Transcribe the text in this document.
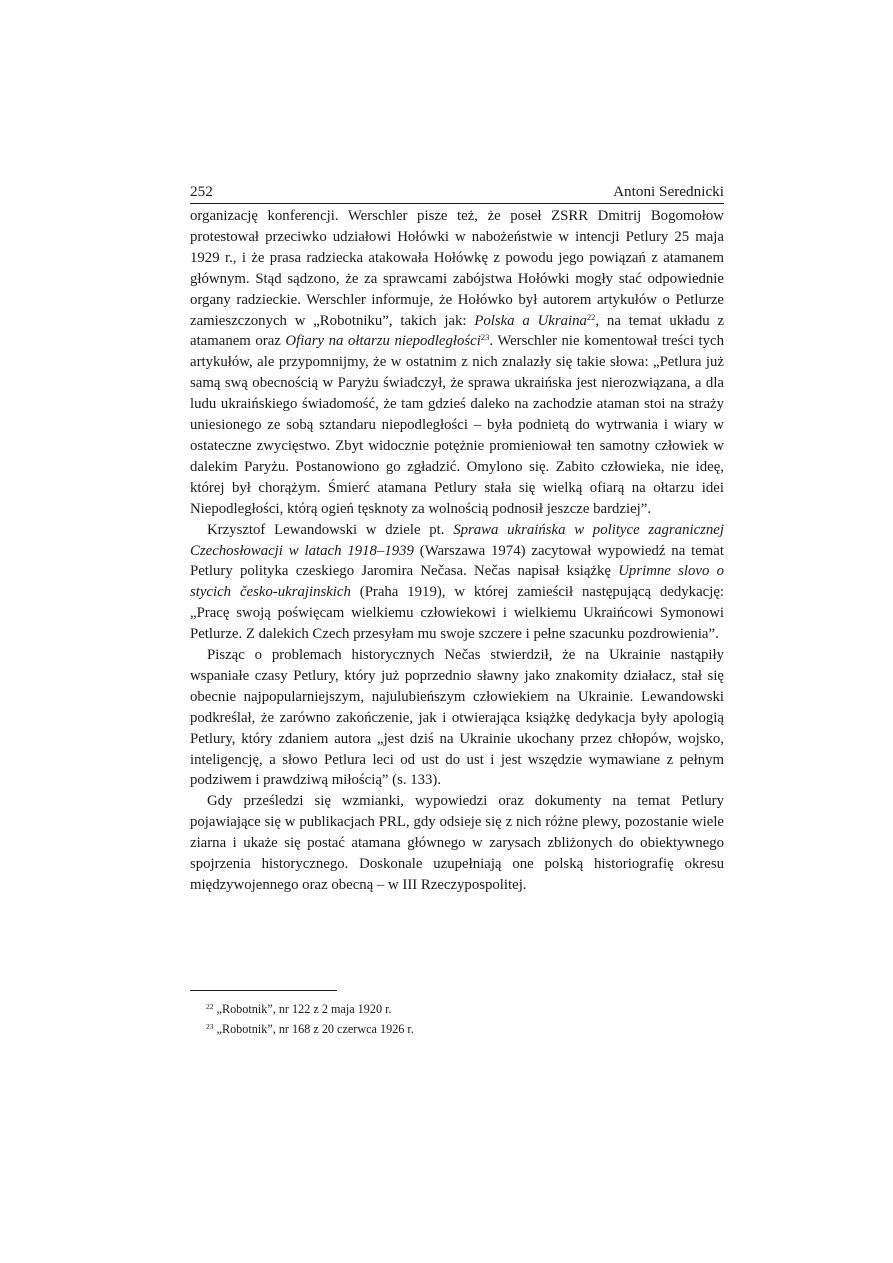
252	Antoni Serednicki

organizację konferencji. Werschler pisze też, że poseł ZSRR Dmitrij Bogomołow protestował przeciwko udziałowi Hołówki w nabożeństwie w intencji Petlury 25 maja 1929 r., i że prasa radziecka atakowała Hołówkę z powodu jego powiązań z atamanem głównym. Stąd sądzono, że za sprawcami zabójstwa Hołówki mogły stać odpowiednie organy radzieckie. Werschler informuje, że Hołówko był autorem artykułów o Petlurze zamieszczonych w „Robotniku”, takich jak: Polska a Ukraina$^{22}$, na temat układu z atamanem oraz Ofiary na ołtarzu niepodległości$^{23}$. Werschler nie komentował treści tych artykułów, ale przypomnijmy, że w ostatnim z nich znalazły się takie słowa: „Petlura już samą swą obecnością w Paryżu świadczył, że sprawa ukraińska jest nierozwiązana, a dla ludu ukraińskiego świadomość, że tam gdzieś daleko na zachodzie ataman stoi na straży uniesionego ze sobą sztandaru niepodległości – była podnietą do wytrwania i wiary w ostateczne zwycięstwo. Zbyt widocznie potężnie promieniował ten samotny człowiek w dalekim Paryżu. Postanowiono go zgładzić. Omylono się. Zabito człowieka, nie ideę, której był chorążym. Śmierć atamana Petlury stała się wielką ofiarą na ołtarzu idei Niepodległości, którą ogień tęsknoty za wolnością podnosił jeszcze bardziej”.

Krzysztof Lewandowski w dziele pt. Sprawa ukraińska w polityce zagranicznej Czechosłowacji w latach 1918–1939 (Warszawa 1974) zacytował wypowiedź na temat Petlury polityka czeskiego Jaromira Nečasa. Nečas napisał książkę Uprimne slovo o stycich česko-ukrajinskich (Praha 1919), w której zamieścił następującą dedykację: „Pracę swoją poświęcam wielkiemu człowiekowi i wielkiemu Ukraińcowi Symonowi Petlurze. Z dalekich Czech przesyłam mu swoje szczere i pełne szacunku pozdrowienia”.

Pisząc o problemach historycznych Nečas stwierdził, że na Ukrainie nastąpiły wspaniałe czasy Petlury, który już poprzednio sławny jako znakomity działacz, stał się obecnie najpopularniejszym, najulubieńszym człowiekiem na Ukrainie. Lewandowski podkreślał, że zarówno zakończenie, jak i otwierająca książkę dedykacja były apologią Petlury, który zdaniem autora „jest dziś na Ukrainie ukochany przez chłopów, wojsko, inteligencję, a słowo Petlura leci od ust do ust i jest wszędzie wymawiane z pełnym podziwem i prawdziwą miłością” (s. 133).

Gdy prześledzi się wzmianki, wypowiedzi oraz dokumenty na temat Petlury pojawiające się w publikacjach PRL, gdy odsieje się z nich różne plewy, pozostanie wiele ziarna i ukaże się postać atamana głównego w zarysach zbliżonych do obiektywnego spojrzenia historycznego. Doskonale uzupełniają one polską historiografię okresu międzywojennego oraz obecną – w III Rzeczypospolitej.

$^{22}$ „Robotnik”, nr 122 z 2 maja 1920 r.

$^{23}$ „Robotnik”, nr 168 z 20 czerwca 1926 r.
